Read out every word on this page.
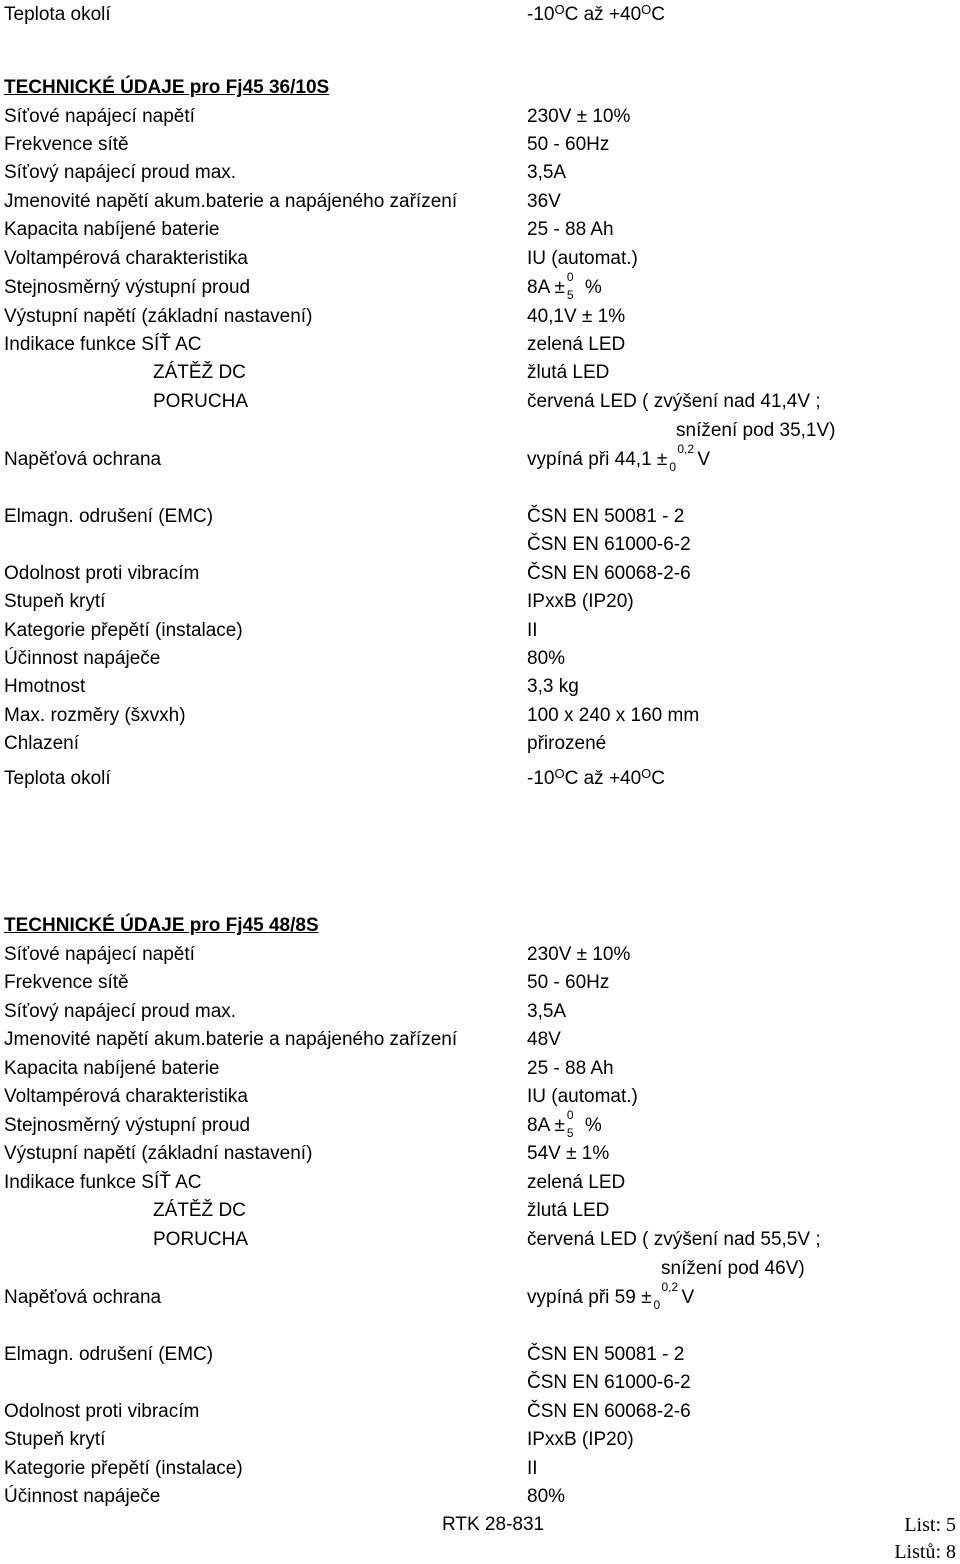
Teplota okolí	$-10^OC$ až $+40^OC$
TECHNICKÉ ÚDAJE pro Fj45 36/10S
Síťové napájecí napětí	230V ± 10%
Frekvence sítě	50 - 60Hz
Síťový napájecí proud max.	3,5A
Jmenovité napětí akum.baterie a napájeného zařízení	36V
Kapacita nabíjené baterie	25 - 88 Ah
Voltampérová charakteristika	IU (automat.)
Stejnosměrný výstupní proud	8A ± 0
5 %
Výstupní napětí (základní nastavení)	40,1V ± 1%
Indikace funkce SÍŤ AC	zelená LED
ZÁTĚŽ DC	žlutá LED
PORUCHA	červená LED ( zvýšení nad 41,4V ;
snížení pod 35,1V)
Napěťová ochrana	vypíná při 44,1 ± 0
0,2 V
Elmagn. odrušení (EMC)	ČSN EN 50081 - 2
ČSN EN 61000-6-2
Odolnost proti vibracím	ČSN EN 60068-2-6
Stupeň krytí	IPxxB (IP20)
Kategorie přepětí (instalace)	II
Účinnost napáječe	80%
Hmotnost	3,3 kg
Max. rozměry (šxvxh)	100 x 240 x 160 mm
Chlazení	přirozené
Teplota okolí	$-10^OC$ až $+40^OC$
TECHNICKÉ ÚDAJE pro Fj45 48/8S
Síťové napájecí napětí	230V ± 10%
Frekvence sítě	50 - 60Hz
Síťový napájecí proud max.	3,5A
Jmenovité napětí akum.baterie a napájeného zařízení	48V
Kapacita nabíjené baterie	25 - 88 Ah
Voltampérová charakteristika	IU (automat.)
Stejnosměrný výstupní proud	8A ± 0
5 %
Výstupní napětí (základní nastavení)	54V ± 1%
Indikace funkce SÍŤ AC	zelená LED
ZÁTĚŽ DC	žlutá LED
PORUCHA	červená LED ( zvýšení nad 55,5V ;
snížení pod 46V)
Napěťová ochrana	vypíná při 59 ± 0
0,2 V
Elmagn. odrušení (EMC)	ČSN EN 50081 - 2
ČSN EN 61000-6-2
Odolnost proti vibracím	ČSN EN 60068-2-6
Stupeň krytí	IPxxB (IP20)
Kategorie přepětí (instalace)	II
Účinnost napáječe	80%
RTK 28-831	List: 5
Listů: 8
